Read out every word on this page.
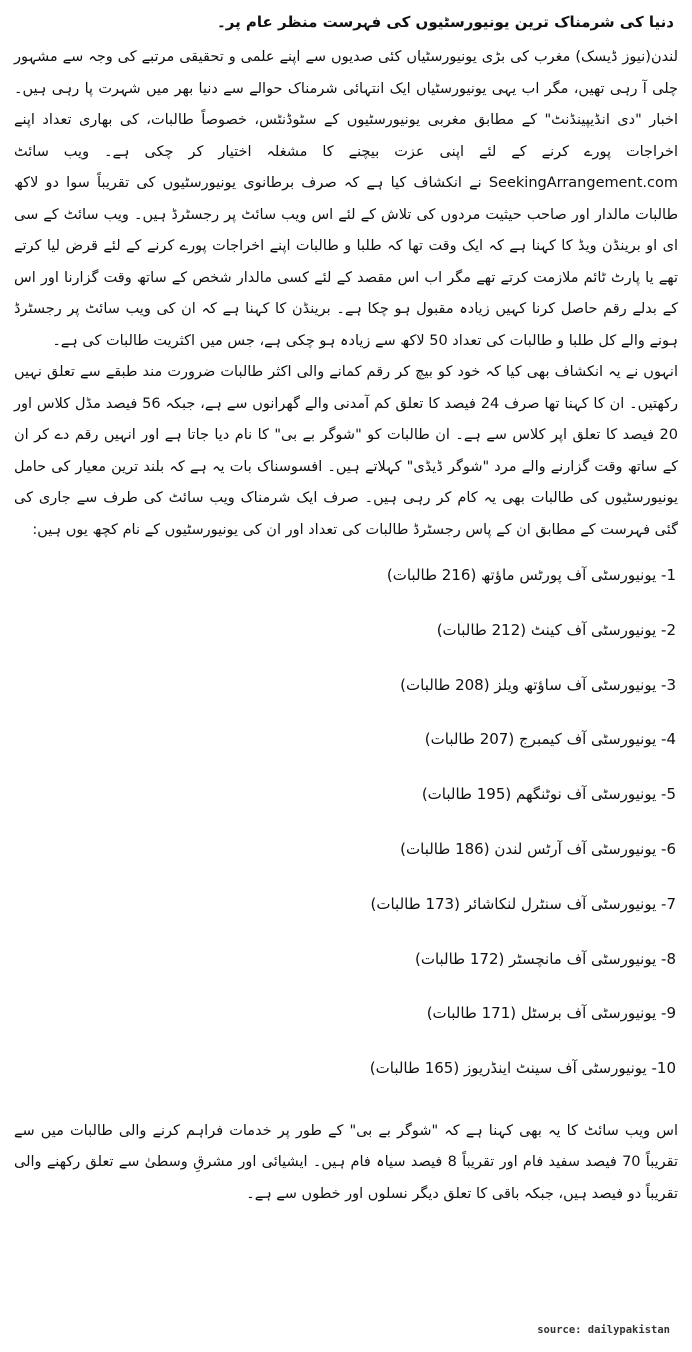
دنیا کی شرمناک ترین یونیورسٹیوں کی فہرست منظر عام پر۔

لندن(نیوز ڈیسک) مغرب کی بڑی یونیورسٹیاں کئی صدیوں سے اپنے علمی و تحقیقی مرتبے کی وجہ سے مشہور چلی آ رہی تھیں، مگر اب یہی یونیورسٹیاں ایک انتہائی شرمناک حوالے سے دنیا بھر میں شہرت پا رہی ہیں۔ اخبار "دی انڈیپینڈنٹ" کے مطابق مغربی یونیورسٹیوں کے سٹوڈنٹس، خصوصاً طالبات، کی بھاری تعداد اپنے اخراجات پورے کرنے کے لئے اپنی عزت بیچنے کا مشغلہ اختیار کر چکی ہے۔ ویب سائٹ SeekingArrangement.com نے انکشاف کیا ہے کہ صرف برطانوی یونیورسٹیوں کی تقریباً سوا دو لاکھ طالبات مالدار اور صاحب حیثیت مردوں کی تلاش کے لئے اس ویب سائٹ پر رجسٹرڈ ہیں۔ ویب سائٹ کے سی ای او برینڈن ویڈ کا کہنا ہے کہ ایک وقت تھا کہ طلبا و طالبات اپنے اخراجات پورے کرنے کے لئے قرض لیا کرتے تھے یا پارٹ ٹائم ملازمت کرتے تھے مگر اب اس مقصد کے لئے کسی مالدار شخص کے ساتھ وقت گزارنا اور اس کے بدلے رقم حاصل کرنا کہیں زیادہ مقبول ہو چکا ہے۔ برینڈن کا کہنا ہے کہ ان کی ویب سائٹ پر رجسٹرڈ ہونے والے کل طلبا و طالبات کی تعداد 50 لاکھ سے زیادہ ہو چکی ہے، جس میں اکثریت طالبات کی ہے۔

انہوں نے یہ انکشاف بھی کیا کہ خود کو بیچ کر رقم کمانے والی اکثر طالبات ضرورت مند طبقے سے تعلق نہیں رکھتیں۔ ان کا کہنا تھا صرف 24 فیصد کا تعلق کم آمدنی والے گھرانوں سے ہے، جبکہ 56 فیصد مڈل کلاس اور 20 فیصد کا تعلق اپر کلاس سے ہے۔ ان طالبات کو "شوگر بے بی" کا نام دیا جاتا ہے اور انہیں رقم دے کر ان کے ساتھ وقت گزارنے والے مرد "شوگر ڈیڈی" کہلاتے ہیں۔ افسوسناک بات یہ ہے کہ بلند ترین معیار کی حامل یونیورسٹیوں کی طالبات بھی یہ کام کر رہی ہیں۔ صرف ایک شرمناک ویب سائٹ کی طرف سے جاری کی گئی فہرست کے مطابق ان کے پاس رجسٹرڈ طالبات کی تعداد اور ان کی یونیورسٹیوں کے نام کچھ یوں ہیں:

1- یونیورسٹی آف پورٹس ماؤتھ (216 طالبات)
2- یونیورسٹی آف کینٹ (212 طالبات)
3- یونیورسٹی آف ساؤتھ ویلز (208 طالبات)
4- یونیورسٹی آف کیمبرج (207 طالبات)
5- یونیورسٹی آف نوٹنگھم (195 طالبات)
6- یونیورسٹی آف آرٹس لندن (186 طالبات)
7- یونیورسٹی آف سنٹرل لنکاشائر (173 طالبات)
8- یونیورسٹی آف مانچسٹر (172 طالبات)
9- یونیورسٹی آف برسٹل (171 طالبات)
10- یونیورسٹی آف سینٹ اینڈریوز (165 طالبات)

اس ویب سائٹ کا یہ بھی کہنا ہے کہ "شوگر بے بی" کے طور پر خدمات فراہم کرنے والی طالبات میں سے تقریباً 70 فیصد سفید فام اور تقریباً 8 فیصد سیاہ فام ہیں۔ ایشیائی اور مشرقِ وسطیٰ سے تعلق رکھنے والی تقریباً دو فیصد ہیں، جبکہ باقی کا تعلق دیگر نسلوں اور خطوں سے ہے۔

source: dailypakistan
